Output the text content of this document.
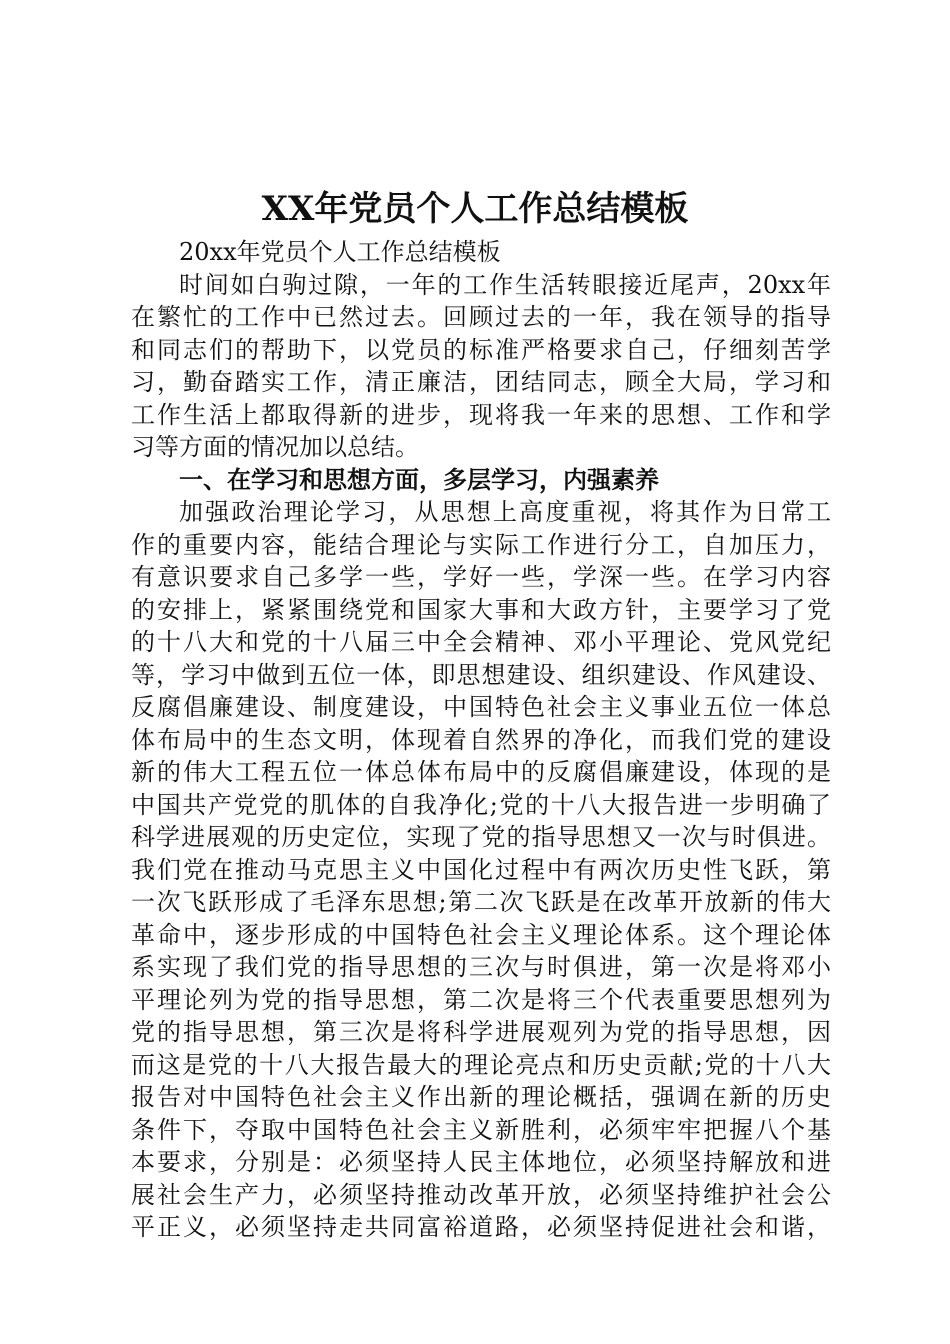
XX年党员个人工作总结模板
20xx年党员个人工作总结模板
时间如白驹过隙，一年的工作生活转眼接近尾声，20xx年
在繁忙的工作中已然过去。回顾过去的一年，我在领导的指导
和同志们的帮助下，以党员的标准严格要求自己，仔细刻苦学
习，勤奋踏实工作，清正廉洁，团结同志，顾全大局，学习和
工作生活上都取得新的进步，现将我一年来的思想、工作和学
习等方面的情况加以总结。
一、在学习和思想方面，多层学习，内强素养
加强政治理论学习，从思想上高度重视，将其作为日常工
作的重要内容，能结合理论与实际工作进行分工，自加压力，
有意识要求自己多学一些，学好一些，学深一些。在学习内容
的安排上，紧紧围绕党和国家大事和大政方针，主要学习了党
的十八大和党的十八届三中全会精神、邓小平理论、党风党纪
等，学习中做到五位一体，即思想建设、组织建设、作风建设、
反腐倡廉建设、制度建设，中国特色社会主义事业五位一体总
体布局中的生态文明，体现着自然界的净化，而我们党的建设
新的伟大工程五位一体总体布局中的反腐倡廉建设，体现的是
中国共产党党的肌体的自我净化;党的十八大报告进一步明确了
科学进展观的历史定位，实现了党的指导思想又一次与时俱进。
我们党在推动马克思主义中国化过程中有两次历史性飞跃，第
一次飞跃形成了毛泽东思想;第二次飞跃是在改革开放新的伟大
革命中，逐步形成的中国特色社会主义理论体系。这个理论体
系实现了我们党的指导思想的三次与时俱进，第一次是将邓小
平理论列为党的指导思想，第二次是将三个代表重要思想列为
党的指导思想，第三次是将科学进展观列为党的指导思想，因
而这是党的十八大报告最大的理论亮点和历史贡献;党的十八大
报告对中国特色社会主义作出新的理论概括，强调在新的历史
条件下，夺取中国特色社会主义新胜利，必须牢牢把握八个基
本要求，分别是：必须坚持人民主体地位，必须坚持解放和进
展社会生产力，必须坚持推动改革开放，必须坚持维护社会公
平正义，必须坚持走共同富裕道路，必须坚持促进社会和谐，
